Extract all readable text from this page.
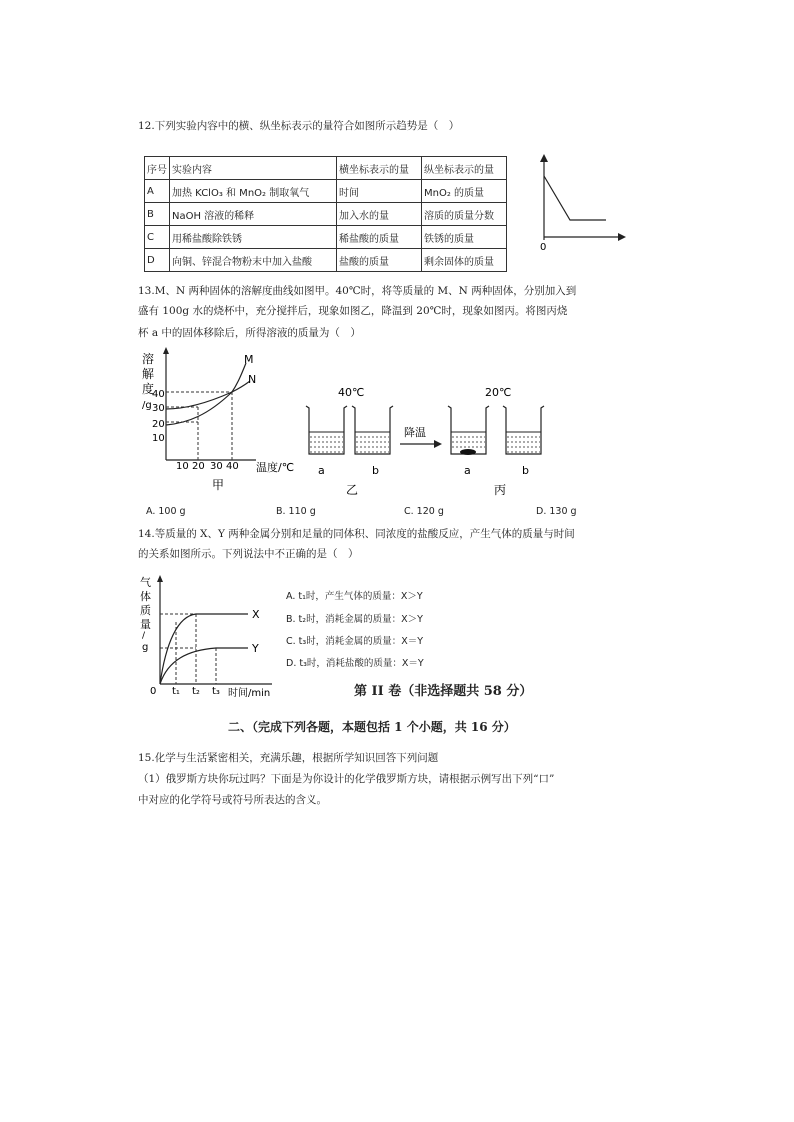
12.下列实验内容中的横、纵坐标表示的量符合如图所示趋势是（　）
序号	实验内容	横坐标表示的量	纵坐标表示的量
A	加热 KClO₃ 和 MnO₂ 制取氧气	时间	MnO₂ 的质量
B	NaOH 溶液的稀释	加入水的量	溶质的质量分数
C	用稀盐酸除铁锈	稀盐酸的质量	铁锈的质量
D	向铜、锌混合物粉末中加入盐酸	盐酸的质量	剩余固体的质量
0
13.M、N 两种固体的溶解度曲线如图甲。40℃时，将等质量的 M、N 两种固体，分别加入到
盛有 100g 水的烧杯中，充分搅拌后，现象如图乙，降温到 20℃时，现象如图丙。将图丙烧
杯 a 中的固体移除后，所得溶液的质量为（　）
溶
解
度
/g
40
30
20
10
M
N
10 20 30 40 温度/℃
甲
40℃	20℃
降温
a	b	a	b
乙	丙
A. 100 g	B. 110 g	C. 120 g	D. 130 g
14.等质量的 X、Y 两种金属分别和足量的同体积、同浓度的盐酸反应，产生气体的质量与时间
的关系如图所示。下列说法中不正确的是（　）
气
体
质
量
/
g
X
Y
0 t₁ t₂ t₃ 时间/min
A. t₁时，产生气体的质量：X＞Y
B. t₂时，消耗金属的质量：X＞Y
C. t₃时，消耗金属的质量：X＝Y
D. t₃时，消耗盐酸的质量：X＝Y
第 II 卷（非选择题共 58 分）
二、（完成下列各题，本题包括 1 个小题，共 16 分）
15.化学与生活紧密相关，充满乐趣，根据所学知识回答下列问题
（1）俄罗斯方块你玩过吗？下面是为你设计的化学俄罗斯方块，请根据示例写出下列“口”
中对应的化学符号或符号所表达的含义。
